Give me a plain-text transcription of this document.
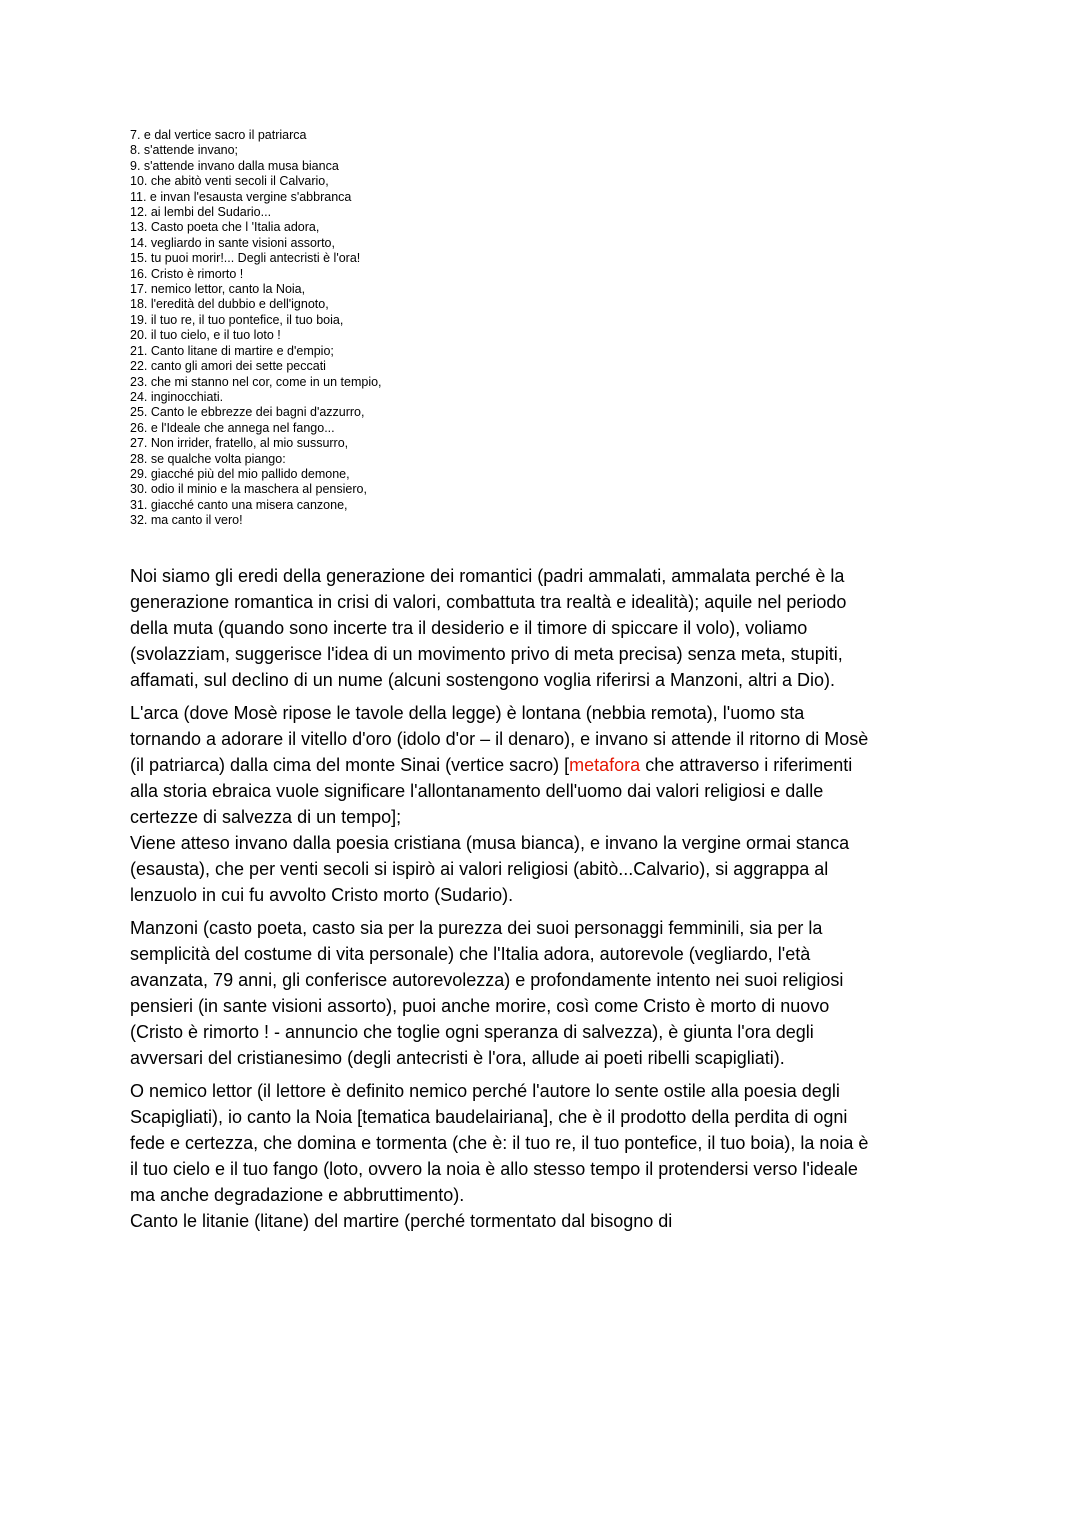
7. e dal vertice sacro il patriarca
8. s'attende invano;
9. s'attende invano dalla musa bianca
10. che abitò venti secoli il Calvario,
11. e invan l'esausta vergine s'abbranca
12. ai lembi del Sudario...
13. Casto poeta che l 'Italia adora,
14. vegliardo in sante visioni assorto,
15. tu puoi morir!... Degli antecristi è l'ora!
16. Cristo è rimorto !
17. nemico lettor, canto la Noia,
18. l'eredità del dubbio e dell'ignoto,
19. il tuo re, il tuo pontefice, il tuo boia,
20. il tuo cielo, e il tuo loto !
21. Canto litane di martire e d'empio;
22. canto gli amori dei sette peccati
23. che mi stanno nel cor, come in un tempio,
24. inginocchiati.
25. Canto le ebbrezze dei bagni d'azzurro,
26. e l'Ideale che annega nel fango...
27. Non irrider, fratello, al mio sussurro,
28. se qualche volta piango:
29. giacché più del mio pallido demone,
30. odio il minio e la maschera al pensiero,
31. giacché canto una misera canzone,
32. ma canto il vero!
Noi siamo gli eredi della generazione dei romantici (padri ammalati, ammalata perché è la generazione romantica in crisi di valori, combattuta tra realtà e idealità); aquile nel periodo della muta (quando sono incerte tra il desiderio e il timore di spiccare il volo), voliamo (svolazziam, suggerisce l'idea di un movimento privo di meta precisa) senza meta, stupiti, affamati, sul declino di un nume (alcuni sostengono voglia riferirsi a Manzoni, altri a Dio).
L'arca (dove Mosè ripose le tavole della legge) è lontana (nebbia remota), l'uomo sta tornando a adorare il vitello d'oro (idolo d'or – il denaro), e invano si attende il ritorno di Mosè (il patriarca) dalla cima del monte Sinai (vertice sacro) [metafora che attraverso i riferimenti alla storia ebraica vuole significare l'allontanamento dell'uomo dai valori religiosi e dalle certezze di salvezza di un tempo];
Viene atteso invano dalla poesia cristiana (musa bianca), e invano la vergine ormai stanca (esausta), che per venti secoli si ispirò ai valori religiosi (abitò...Calvario), si aggrappa al lenzuolo in cui fu avvolto Cristo morto (Sudario).
Manzoni (casto poeta, casto sia per la purezza dei suoi personaggi femminili, sia per la semplicità del costume di vita personale) che l'Italia adora, autorevole (vegliardo, l'età avanzata, 79 anni, gli conferisce autorevolezza) e profondamente intento nei suoi religiosi pensieri (in sante visioni assorto), puoi anche morire, così come Cristo è morto di nuovo (Cristo è rimorto ! - annuncio che toglie ogni speranza di salvezza), è giunta l'ora degli avversari del cristianesimo (degli antecristi è l'ora, allude ai poeti ribelli scapigliati).
O nemico lettor (il lettore è definito nemico perché l'autore lo sente ostile alla poesia degli Scapigliati), io canto la Noia [tematica baudelairiana], che è il prodotto della perdita di ogni fede e certezza, che domina e tormenta (che è: il tuo re, il tuo pontefice, il tuo boia), la noia è il tuo cielo e il tuo fango (loto, ovvero la noia è allo stesso tempo il protendersi verso l'ideale ma anche degradazione e abbruttimento).
Canto le litanie (litane) del martire (perché tormentato dal bisogno di
